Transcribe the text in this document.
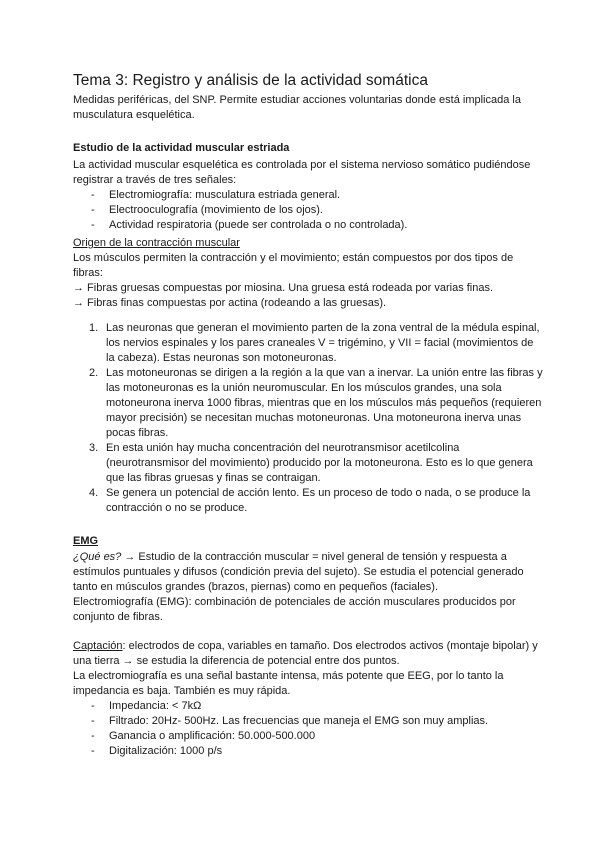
Tema 3: Registro y análisis de la actividad somática

Medidas periféricas, del SNP. Permite estudiar acciones voluntarias donde está implicada la musculatura esquelética.

Estudio de la actividad muscular estriada

La actividad muscular esquelética es controlada por el sistema nervioso somático pudiéndose registrar a través de tres señales:

- Electromiografía: musculatura estriada general.
- Electrooculografía (movimiento de los ojos).
- Actividad respiratoria (puede ser controlada o no controlada).

Origen de la contracción muscular

Los músculos permiten la contracción y el movimiento; están compuestos por dos tipos de fibras:

→ Fibras gruesas compuestas por miosina. Una gruesa está rodeada por varias finas.

→ Fibras finas compuestas por actina (rodeando a las gruesas).

1. Las neuronas que generan el movimiento parten de la zona ventral de la médula espinal, los nervios espinales y los pares craneales V = trigémino, y VII = facial (movimientos de la cabeza). Estas neuronas son motoneuronas.
2. Las motoneuronas se dirigen a la región a la que van a inervar. La unión entre las fibras y las motoneuronas es la unión neuromuscular. En los músculos grandes, una sola motoneurona inerva 1000 fibras, mientras que en los músculos más pequeños (requieren mayor precisión) se necesitan muchas motoneuronas. Una motoneurona inerva unas pocas fibras.
3. En esta unión hay mucha concentración del neurotransmisor acetilcolina (neurotransmisor del movimiento) producido por la motoneurona. Esto es lo que genera que las fibras gruesas y finas se contraigan.
4. Se genera un potencial de acción lento. Es un proceso de todo o nada, o se produce la contracción o no se produce.

EMG

¿Qué es? → Estudio de la contracción muscular = nivel general de tensión y respuesta a estímulos puntuales y difusos (condición previa del sujeto). Se estudia el potencial generado tanto en músculos grandes (brazos, piernas) como en pequeños (faciales).

Electromiografía (EMG): combinación de potenciales de acción musculares producidos por conjunto de fibras.

Captación: electrodos de copa, variables en tamaño. Dos electrodos activos (montaje bipolar) y una tierra → se estudia la diferencia de potencial entre dos puntos.

La electromiografía es una señal bastante intensa, más potente que EEG, por lo tanto la impedancia es baja. También es muy rápida.

- Impedancia: < 7kΩ
- Filtrado: 20Hz- 500Hz. Las frecuencias que maneja el EMG son muy amplias.
- Ganancia o amplificación: 50.000-500.000
- Digitalización: 1000 p/s
